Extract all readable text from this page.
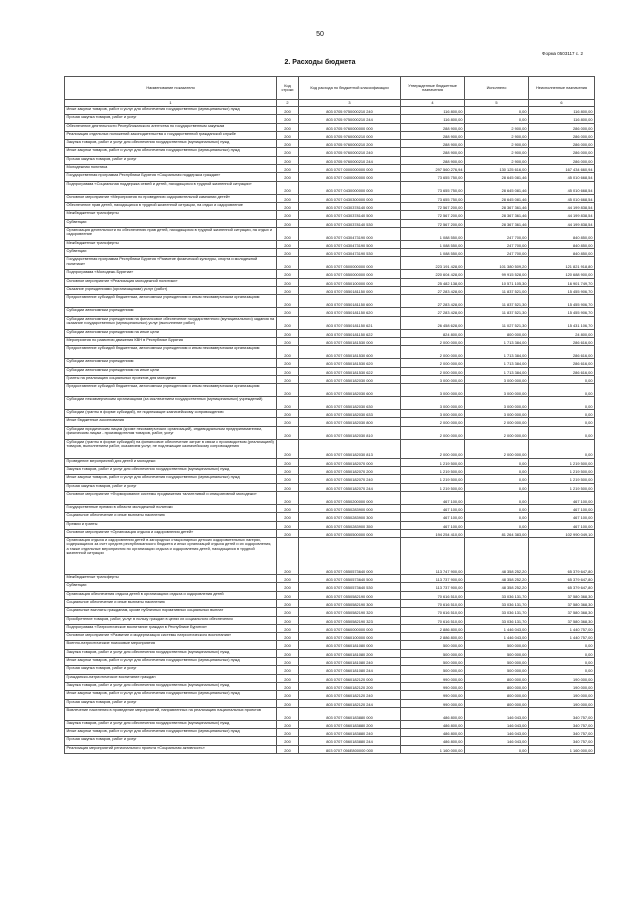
50
Форма 0503117 с. 2
2. Расходы бюджета
Наименование показателя	Код строки	Код расхода по бюджетной классификации	Утвержденные бюджетные назначения	Исполнено	Неисполненные назначения
1	2	3	4	5	6
Иные закупки товаров, работ и услуг для обеспечения государственных (муниципальных) нужд	200	803 0705 9750000210 240	116 800,00	0,00	116 800,00
Прочая закупка товаров, работ и услуг	200	803 0705 9750000210 244	116 800,00	0,00	116 800,00
Обеспечение деятельности Республиканского агентства по государственным закупкам	200	803 0705 9760000000 000	288 900,00	2 900,00	286 000,00
Реализация отдельных положений законодательства о государственной гражданской службе	200	803 0705 9760000210 000	288 900,00	2 900,00	286 000,00
Закупка товаров, работ и услуг для обеспечения государственных (муниципальных) нужд	200	803 0705 9760000210 200	288 900,00	2 900,00	286 000,00
Иные закупки товаров, работ и услуг для обеспечения государственных (муниципальных) нужд	200	803 0705 9760000210 240	288 900,00	2 900,00	286 000,00
Прочая закупка товаров, работ и услуг	200	803 0705 9760000210 244	288 900,00	2 900,00	286 000,00
Молодежная политика	200	803 0707 0000000000 000	297 560 276,94	130 125 616,00	167 434 660,94
Государственная программа Республики Бурятия «Социальная поддержка граждан»	200	803 0707 0400000000 000	73 655 750,00	28 645 081,46	45 010 668,54
Подпрограмма «Социальная поддержка семей и детей, находящихся в трудной жизненной ситуации»	200	803 0707 0430000000 000	73 655 750,00	28 645 081,46	45 010 668,54
Основное мероприятие «Мероприятия по проведению оздоровительной кампании детей»	200	803 0707 0430300000 000	73 655 750,00	28 645 081,46	45 010 668,54
Обеспечение прав детей, находящихся в трудной жизненной ситуации, на отдых и оздоровление	200	803 0707 0430378140 000	72 567 200,00	28 367 361,46	44 199 838,54
Межбюджетные трансферты	200	803 0707 0430378140 500	72 567 200,00	28 367 361,46	44 199 838,54
Субвенции	200	803 0707 0430378140 530	72 567 200,00	28 367 361,46	44 199 838,54
Организация деятельности по обеспечению прав детей, находящихся в трудной жизненной ситуации, на отдых и оздоровление	200	803 0707 0430473190 000	1 088 550,00	247 700,00	840 850,00
Межбюджетные трансферты	200	803 0707 0430473190 500	1 088 550,00	247 700,00	840 850,00
Субвенции	200	803 0707 0430473190 530	1 088 550,00	247 700,00	840 850,00
Государственная программа Республики Бурятия «Развитие физической культуры, спорта и молодежной политики»	200	803 0707 0500000000 000	223 191 428,00	101 380 509,20	121 821 918,80
Подпрограмма «Молодежь Бурятии»	200	803 0707 0550000000 000	220 604 428,00	99 915 528,00	120 688 900,00
Основное мероприятие «Реализация молодежной политики»	200	803 0707 0550100000 000	25 482 138,00	10 571 105,30	16 901 749,70
Оказание учреждениями (организациями) услуг (работ)	200	803 0707 0550181150 000	27 283 428,00	11 837 521,00	15 455 906,70
Предоставление субсидий бюджетным, автономным учреждениям и иным некоммерческим организациям	200	803 0707 0550181150 600	27 283 428,00	11 837 521,30	15 455 906,70
Субсидии автономным учреждениям	200	803 0707 0550181150 620	27 283 428,00	11 837 521,30	15 455 906,70
Субсидии автономным учреждениям на финансовое обеспечение государственного (муниципального) задания на оказание государственных (муниципальных) услуг (выполнение работ)	200	803 0707 0550181150 621	26 458 628,00	11 027 521,30	15 431 106,70
Субсидии автономным учреждениям на иные цели	200	803 0707 0550181150 622	824 800,00	800 000,00	24 800,00
Мероприятия по развитию движения КВН в Республике Бурятия	200	803 0707 0550181530 000	2 000 000,00	1 713 384,00	286 616,00
Предоставление субсидий бюджетным, автономным учреждениям и иным некоммерческим организациям	200	803 0707 0550181530 600	2 000 000,00	1 713 384,00	286 616,00
Субсидии автономным учреждениям	200	803 0707 0550181530 620	2 000 000,00	1 713 384,00	286 616,00
Субсидии автономным учреждениям на иные цели	200	803 0707 0550181530 622	2 000 000,00	1 713 384,00	286 616,00
Гранты на реализацию социальных проектов для молодежи	200	803 0707 0550182030 000	3 000 000,00	3 000 000,00	0,00
Предоставление субсидий бюджетным, автономным учреждениям и иным некоммерческим организациям	200	803 0707 0550182030 600	3 000 000,00	3 000 000,00	0,00
Субсидии некоммерческим организациям (за исключением государственных (муниципальных) учреждений)	200	803 0707 0550182030 630	3 000 000,00	3 000 000,00	0,00
Субсидии (гранты в форме субсидий), не подлежащие казначейскому сопровождению	200	803 0707 0550182030 633	3 000 000,00	3 000 000,00	0,00
Иные бюджетные ассигнования	200	803 0707 0550182030 800	2 000 000,00	2 000 000,00	0,00
Субсидии юридическим лицам (кроме некоммерческих организаций), индивидуальным предпринимателям, физическим лицам - производителям товаров, работ, услуг	200	803 0707 0550182030 810	2 000 000,00	2 000 000,00	0,00
Субсидии (гранты в форме субсидий) на финансовое обеспечение затрат в связи с производством (реализацией) товаров, выполнением работ, оказанием услуг, не подлежащие казначейскому сопровождению	200	803 0707 0550182030 813	2 000 000,00	2 000 000,00	0,00
Проведение мероприятий для детей и молодежи	200	803 0707 0550182070 000	1 219 500,00	0,00	1 219 500,00
Закупка товаров, работ и услуг для обеспечения государственных (муниципальных) нужд	200	803 0707 0550182070 200	1 219 500,00	0,00	1 219 500,00
Иные закупки товаров, работ и услуг для обеспечения государственных (муниципальных) нужд	200	803 0707 0550182070 240	1 219 500,00	0,00	1 219 500,00
Прочая закупка товаров, работ и услуг	200	803 0707 0550182070 244	1 219 500,00	0,00	1 219 500,00
Основное мероприятие «Формирование системы продвижения талантливой и инициативной молодежи»	200	803 0707 0550200000 000	467 100,00	0,00	467 100,00
Государственные премии в области молодежной политики	200	803 0707 0550283900 000	467 100,00	0,00	467 100,00
Социальное обеспечение и иные выплаты населению	200	803 0707 0550283900 300	467 100,00	0,00	467 100,00
Премии и гранты	200	803 0707 0550283900 350	467 100,00	0,00	467 100,00
Основное мероприятие «Организация отдыха и оздоровления детей»	200	803 0707 0550500000 000	194 254 410,00	81 264 383,00	102 990 049,10
Организация отдыха и оздоровления детей в загородных стационарных детских оздоровительных лагерях, содержащихся за счет средств республиканского бюджета и иных организаций отдыха детей и их оздоровления, а также отдельные мероприятия по организации отдыха и оздоровления детей, находящихся в трудной жизненной ситуации	200	803 0707 0550573640 000	113 747 900,00	48 358 252,20	65 379 647,80
Межбюджетные трансферты	200	803 0707 0550573640 500	113 737 900,00	48 358 252,20	65 379 647,80
Субвенции	200	803 0707 0550573640 530	113 737 900,00	48 358 252,20	65 379 647,80
Организация обеспечения отдыха детей в организациях отдыха и оздоровления детей	200	803 0707 0550582190 000	70 616 510,00	33 036 131,70	37 580 368,30
Социальное обеспечение и иные выплаты населению	200	803 0707 0550582190 300	70 616 510,00	33 036 131,70	37 580 368,30
Социальные выплаты гражданам, кроме публичных нормативных социальных выплат	200	803 0707 0550582190 320	70 616 510,00	33 036 131,70	37 580 368,30
Приобретение товаров, работ, услуг в пользу граждан в целях их социального обеспечения	200	803 0707 0550582190 323	70 616 510,00	33 036 131,70	37 580 368,30
Подпрограмма «Патриотическое воспитание граждан в Республике Бурятия»	200	803 0707 0560000000 000	2 886 800,00	1 446 043,00	1 440 757,00
Основное мероприятие «Развитие и модернизация системы патриотического воспитания»	200	803 0707 0560100000 000	2 886 800,00	1 446 043,00	1 440 757,00
Военно-патриотические поисковые мероприятия	200	803 0707 0560181080 000	500 000,00	500 000,00	0,00
Закупка товаров, работ и услуг для обеспечения государственных (муниципальных) нужд	200	803 0707 0560181080 200	500 000,00	500 000,00	0,00
Иные закупки товаров, работ и услуг для обеспечения государственных (муниципальных) нужд	200	803 0707 0560181080 240	500 000,00	500 000,00	0,00
Прочая закупка товаров, работ и услуг	200	803 0707 0560181080 244	500 000,00	500 000,00	0,00
Гражданско-патриотическое воспитание граждан	200	803 0707 0560182120 000	990 000,00	800 000,00	190 000,00
Закупка товаров, работ и услуг для обеспечения государственных (муниципальных) нужд	200	803 0707 0560182120 200	990 000,00	800 000,00	190 000,00
Иные закупки товаров, работ и услуг для обеспечения государственных (муниципальных) нужд	200	803 0707 0560182120 240	990 000,00	800 000,00	190 000,00
Прочая закупка товаров, работ и услуг	200	803 0707 0560182120 244	990 000,00	800 000,00	190 000,00
Вовлечение населения в проведение мероприятий, направленных на реализацию национальных проектов	200	803 0707 0560183880 000	486 800,00	146 043,00	340 757,00
Закупка товаров, работ и услуг для обеспечения государственных (муниципальных) нужд	200	803 0707 0560183880 200	486 800,00	146 043,00	340 757,00
Иные закупки товаров, работ и услуг для обеспечения государственных (муниципальных) нужд	200	803 0707 0560183880 240	486 800,00	146 043,00	340 757,00
Прочая закупка товаров, работ и услуг	200	803 0707 0560183880 244	486 800,00	146 043,00	340 757,00
Реализация мероприятий регионального проекта «Социальная активность»	200	803 0707 056E800000 000	1 160 000,00	0,00	1 160 000,00
